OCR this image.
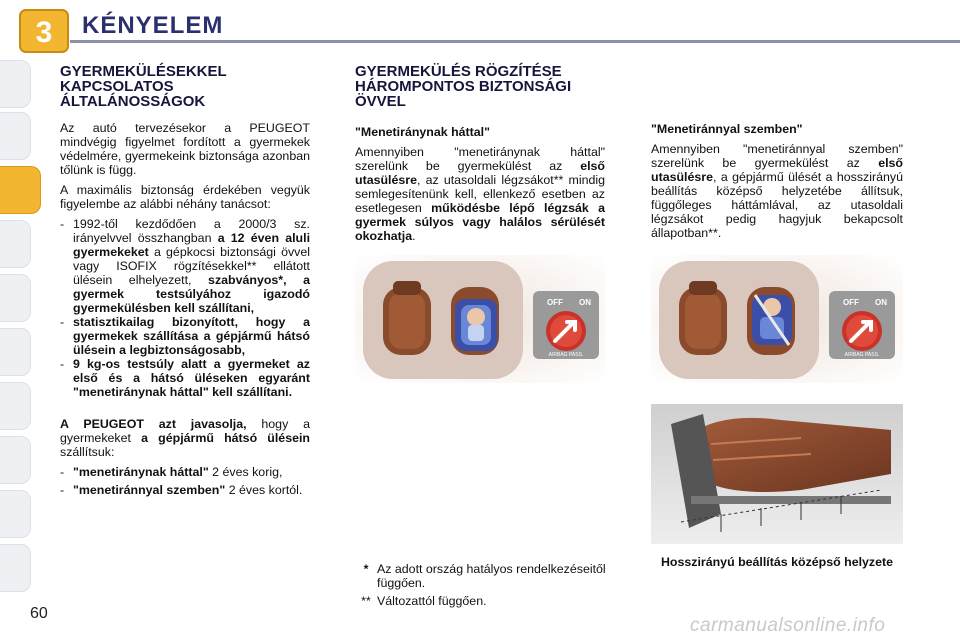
3 KÉNYELEM
GYERMEKÜLÉSEKKEL
KAPCSOLATOS
ÁLTALÁNOSSÁGOK
Az autó tervezésekor a PEUGEOT mindvégig figyelmet fordított a gyermekek védelmére, gyermekeink biztonsága azonban tőlünk is függ.
A maximális biztonság érdekében vegyük figyelembe az alábbi néhány tanácsot:
- 1992-től kezdődően a 2000/3 sz. irányelvvel összhangban a 12 éven aluli gyermekeket a gépkocsi biztonsági övvel vagy ISOFIX rögzítésekkel** ellátott ülésein elhelyezett, szabványos*, a gyermek testsúlyához igazodó gyermekülésben kell szállítani,
- statisztikailag bizonyított, hogy a gyermekek szállítása a gépjármű hátsó ülésein a legbiztonságosabb,
- 9 kg-os testsúly alatt a gyermeket az első és a hátsó üléseken egyaránt "menetiránynak háttal" kell szállítani.
A PEUGEOT azt javasolja, hogy a gyermekeket a gépjármű hátsó ülésein szállítsuk:
- "menetiránynak háttal" 2 éves korig,
- "menetiránnyal szemben" 2 éves kortól.
GYERMEKÜLÉS RÖGZÍTÉSE
HÁROMPONTOS BIZTONSÁGI
ÖVVEL
"Menetiránynak háttal"
Amennyiben "menetiránynak háttal" szerelünk be gyermekülést az első utasülésre, az utasoldali légzsákot** mindig semlegesítenünk kell, ellenkező esetben az esetlegesen működésbe lépő légzsák a gyermek súlyos vagy halálos sérülését okozhatja.
"Menetiránnyal szemben"
Amennyiben "menetiránnyal szemben" szerelünk be gyermekülést az első utasülésre, a gépjármű ülését a hosszirányú beállítás középső helyzetébe állítsuk, függőleges háttámlával, az utasoldali légzsákot pedig hagyjuk bekapcsolt állapotban**.
OFF ON
AIRBAG PASS.
OFF ON
AIRBAG PASS.
Hosszirányú beállítás középső helyzete
* Az adott ország hatályos rendelkezéseitől függően.
** Változattól függően.
60
carmanualsonline.info
